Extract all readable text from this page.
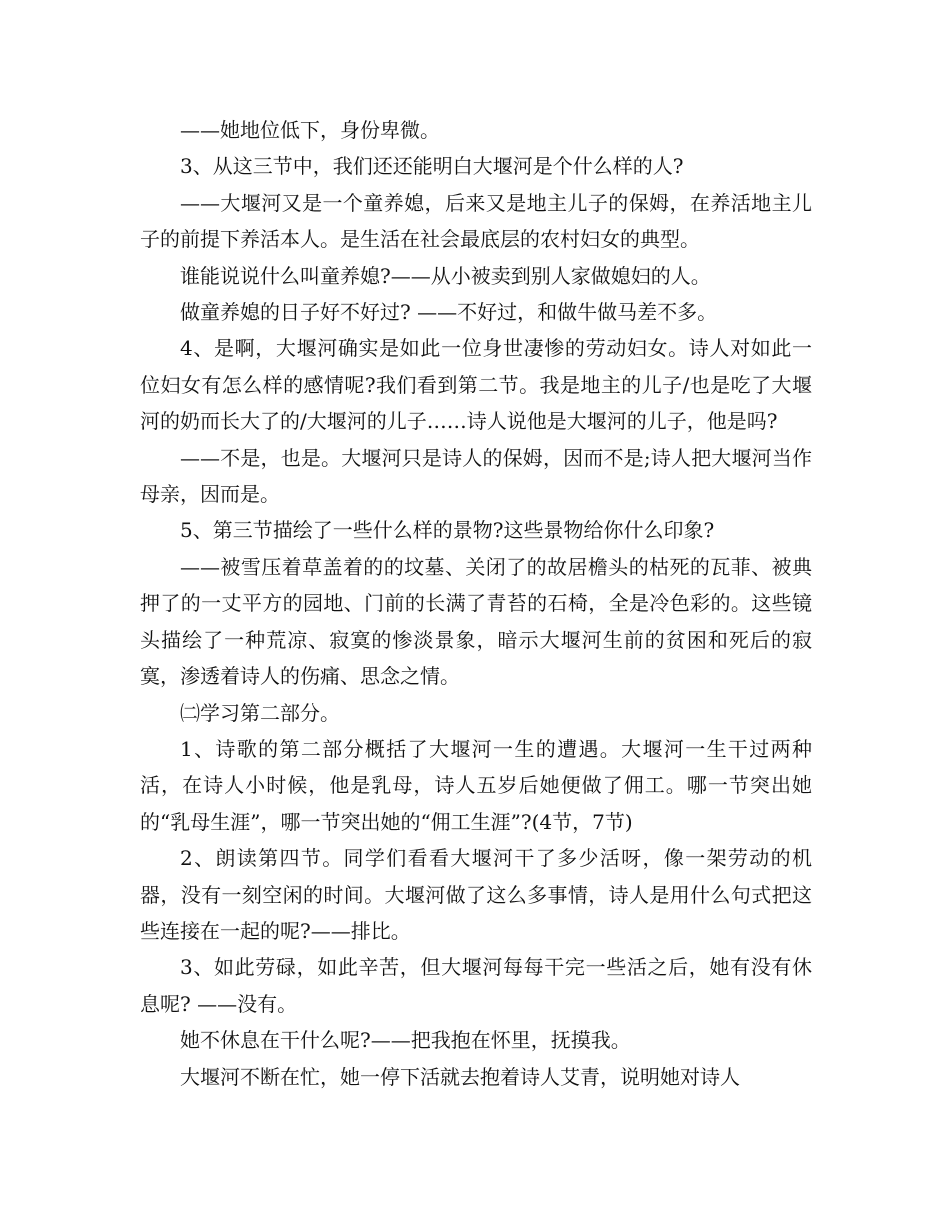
——她地位低下，身份卑微。

3、从这三节中，我们还还能明白大堰河是个什么样的人?

——大堰河又是一个童养媳，后来又是地主儿子的保姆，在养活地主儿子的前提下养活本人。是生活在社会最底层的农村妇女的典型。

谁能说说什么叫童养媳?——从小被卖到别人家做媳妇的人。

做童养媳的日子好不好过? ——不好过，和做牛做马差不多。

4、是啊，大堰河确实是如此一位身世凄惨的劳动妇女。诗人对如此一位妇女有怎么样的感情呢?我们看到第二节。我是地主的儿子/也是吃了大堰河的奶而长大了的/大堰河的儿子……诗人说他是大堰河的儿子，他是吗?

——不是，也是。大堰河只是诗人的保姆，因而不是;诗人把大堰河当作母亲，因而是。

5、第三节描绘了一些什么样的景物?这些景物给你什么印象?

——被雪压着草盖着的的坟墓、关闭了的故居檐头的枯死的瓦菲、被典押了的一丈平方的园地、门前的长满了青苔的石椅，全是冷色彩的。这些镜头描绘了一种荒凉、寂寞的惨淡景象，暗示大堰河生前的贫困和死后的寂寞，渗透着诗人的伤痛、思念之情。

㈡学习第二部分。

1、诗歌的第二部分概括了大堰河一生的遭遇。大堰河一生干过两种活，在诗人小时候，他是乳母，诗人五岁后她便做了佣工。哪一节突出她的“乳母生涯”，哪一节突出她的“佣工生涯”?(4节，7节)

2、朗读第四节。同学们看看大堰河干了多少活呀，像一架劳动的机器，没有一刻空闲的时间。大堰河做了这么多事情，诗人是用什么句式把这些连接在一起的呢?——排比。

3、如此劳碌，如此辛苦，但大堰河每每干完一些活之后，她有没有休息呢? ——没有。

她不休息在干什么呢?——把我抱在怀里，抚摸我。

大堰河不断在忙，她一停下活就去抱着诗人艾青，说明她对诗人
